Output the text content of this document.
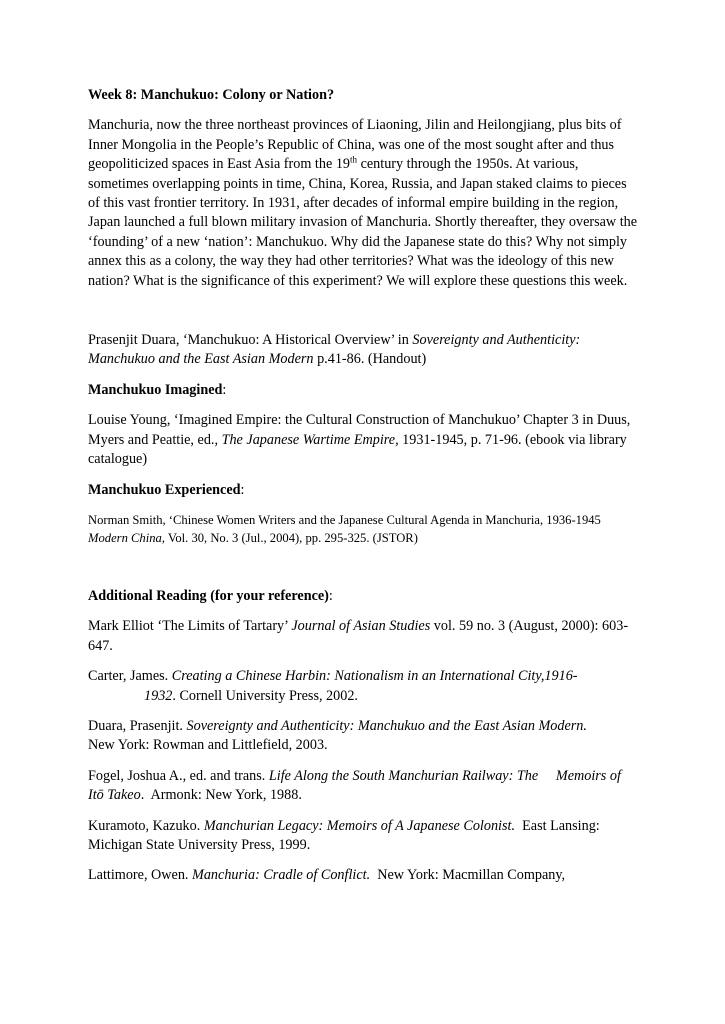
Week 8: Manchukuo: Colony or Nation?

Manchuria, now the three northeast provinces of Liaoning, Jilin and Heilongjiang, plus bits of Inner Mongolia in the People’s Republic of China, was one of the most sought after and thus geopoliticized spaces in East Asia from the 19th century through the 1950s. At various, sometimes overlapping points in time, China, Korea, Russia, and Japan staked claims to pieces of this vast frontier territory. In 1931, after decades of informal empire building in the region, Japan launched a full blown military invasion of Manchuria. Shortly thereafter, they oversaw the ‘founding’ of a new ‘nation’: Manchukuo. Why did the Japanese state do this? Why not simply annex this as a colony, the way they had other territories? What was the ideology of this new nation? What is the significance of this experiment? We will explore these questions this week.

Prasenjit Duara, ‘Manchukuo: A Historical Overview’ in Sovereignty and Authenticity: Manchukuo and the East Asian Modern p.41-86. (Handout)

Manchukuo Imagined:

Louise Young, ‘Imagined Empire: the Cultural Construction of Manchukuo’ Chapter 3 in Duus, Myers and Peattie, ed., The Japanese Wartime Empire, 1931-1945, p. 71-96. (ebook via library catalogue)

Manchukuo Experienced:

Norman Smith, ‘Chinese Women Writers and the Japanese Cultural Agenda in Manchuria, 1936-1945 Modern China, Vol. 30, No. 3 (Jul., 2004), pp. 295-325. (JSTOR)

Additional Reading (for your reference):

Mark Elliot ‘The Limits of Tartary’ Journal of Asian Studies vol. 59 no. 3 (August, 2000): 603-647.

Carter, James. Creating a Chinese Harbin: Nationalism in an International City,1916-
1932. Cornell University Press, 2002.
Duara, Prasenjit. Sovereignty and Authenticity: Manchukuo and the East Asian Modern.
New York: Rowman and Littlefield, 2003.

Fogel, Joshua A., ed. and trans. Life Along the South Manchurian Railway: The     Memoirs of Itō Takeo.  Armonk: New York, 1988.

Kuramoto, Kazuko. Manchurian Legacy: Memoirs of A Japanese Colonist.  East Lansing: Michigan State University Press, 1999.

Lattimore, Owen. Manchuria: Cradle of Conflict.  New York: Macmillan Company,
